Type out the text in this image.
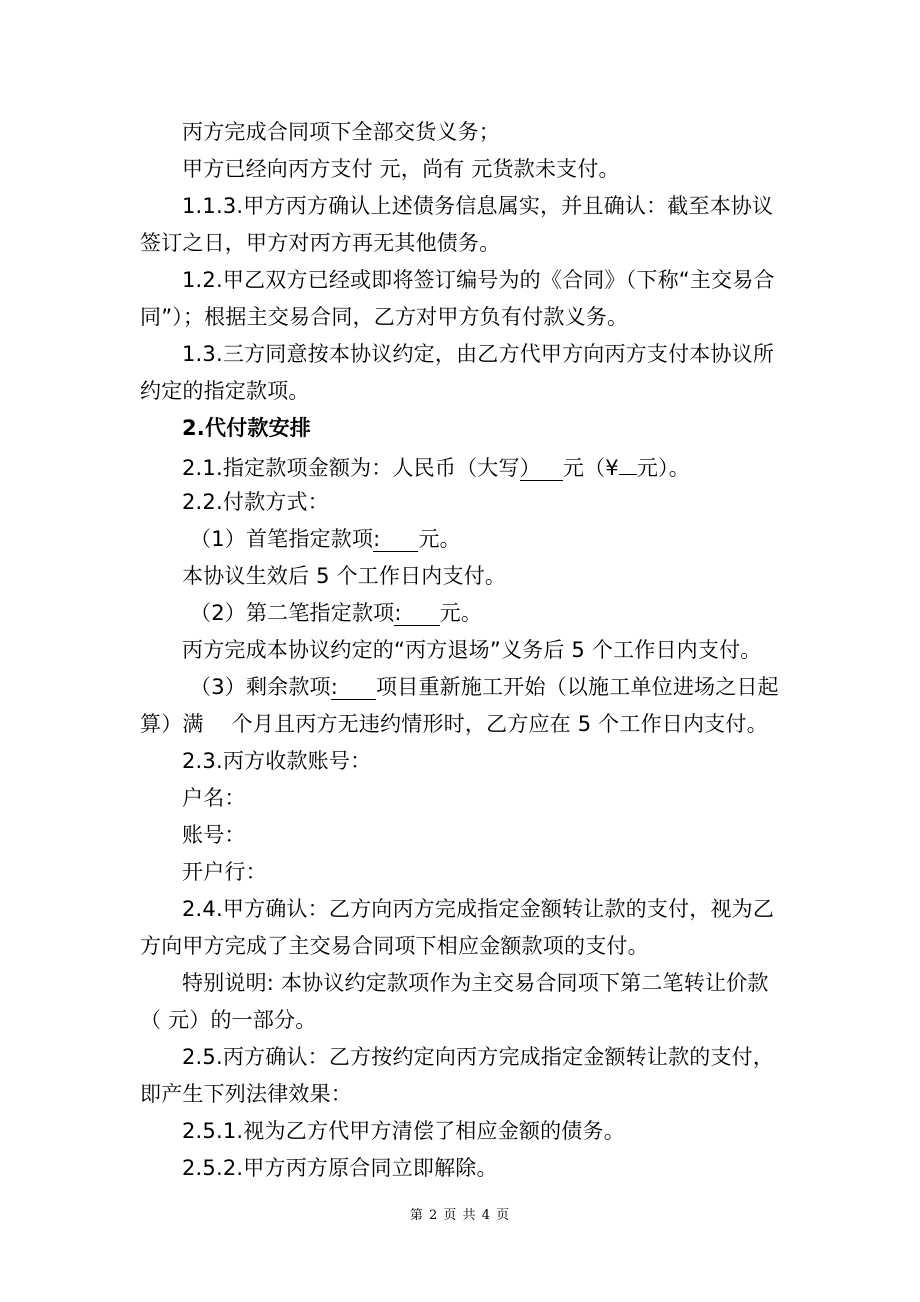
丙方完成合同项下全部交货义务；
甲方已经向丙方支付 元，尚有 元货款未支付。
1.1.3.甲方丙方确认上述债务信息属实，并且确认：截至本协议
签订之日，甲方对丙方再无其他债务。
1.2.甲乙双方已经或即将签订编号为的《合同》（下称“主交易合
同”）；根据主交易合同，乙方对甲方负有付款义务。
1.3.三方同意按本协议约定，由乙方代甲方向丙方支付本协议所
约定的指定款项。
2.代付款安排
2.1.指定款项金额为：人民币（大写） 元（¥ 元）。
2.2.付款方式：
（1）首笔指定款项: 元。
本协议生效后 5 个工作日内支付。
（2）第二笔指定款项: 元。
丙方完成本协议约定的“丙方退场”义务后 5 个工作日内支付。
（3）剩余款项: 项目重新施工开始（以施工单位进场之日起
算）满　 个月且丙方无违约情形时，乙方应在 5 个工作日内支付。
2.3.丙方收款账号：
户名：
账号：
开户行：
2.4.甲方确认：乙方向丙方完成指定金额转让款的支付，视为乙
方向甲方完成了主交易合同项下相应金额款项的支付。
特别说明: 本协议约定款项作为主交易合同项下第二笔转让价款
（ 元）的一部分。
2.5.丙方确认：乙方按约定向丙方完成指定金额转让款的支付，
即产生下列法律效果：
2.5.1.视为乙方代甲方清偿了相应金额的债务。
2.5.2.甲方丙方原合同立即解除。
第 2 页 共 4 页
